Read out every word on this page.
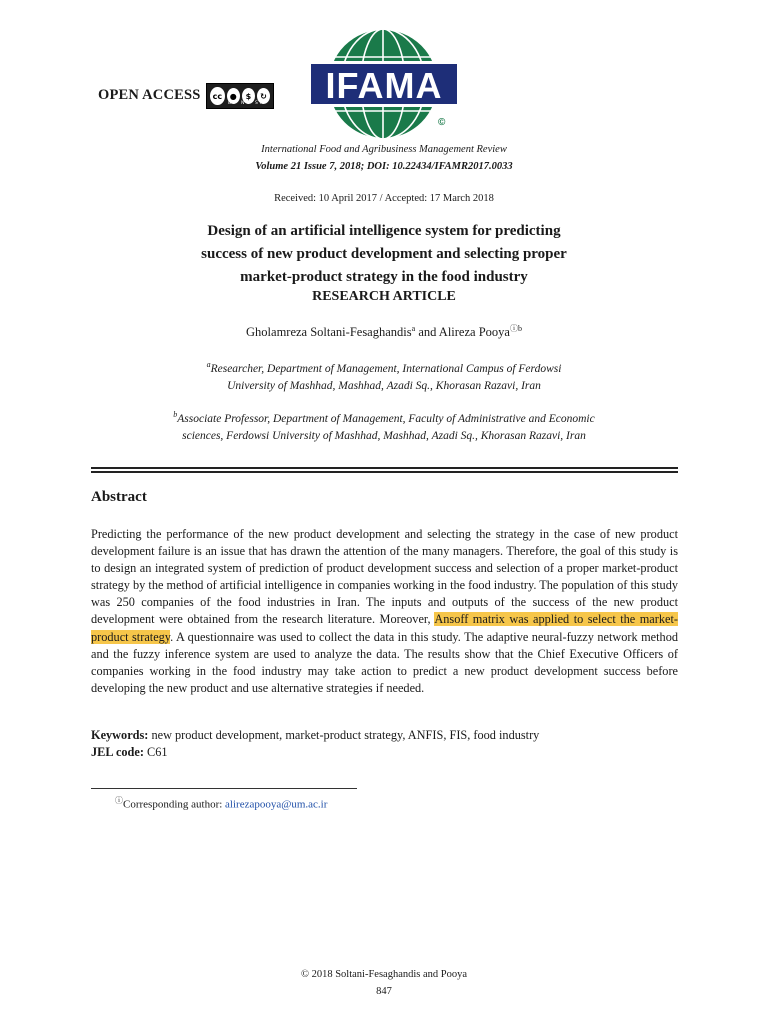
OPEN ACCESS	cc ●	$	↻
BY NC SA IFAMA
©
International Food and Agribusiness Management Review
Volume 21 Issue 7, 2018; DOI: 10.22434/IFAMR2017.0033
Received: 10 April 2017 / Accepted: 17 March 2018
Design of an artificial intelligence system for predicting
success of new product development and selecting proper
market-product strategy in the food industry
RESEARCH ARTICLE
Gholamreza Soltani-Fesaghandis$^a$ and Alireza Pooya$^{ⓘb}$
$^a$Researcher, Department of Management, International Campus of Ferdowsi
University of Mashhad, Mashhad, Azadi Sq., Khorasan Razavi, Iran
$^b$Associate Professor, Department of Management, Faculty of Administrative and Economic
sciences, Ferdowsi University of Mashhad, Mashhad, Azadi Sq., Khorasan Razavi, Iran
Abstract

Predicting the performance of the new product development and selecting the strategy in the case of new product development failure is an issue that has drawn the attention of the many managers. Therefore, the goal of this study is to design an integrated system of prediction of product development success and selection of a proper market-product strategy by the method of artificial intelligence in companies working in the food industry. The population of this study was 250 companies of the food industries in Iran. The inputs and outputs of the success of the new product development were obtained from the research literature. Moreover, Ansoff matrix was applied to select the market-product strategy. A questionnaire was used to collect the data in this study. The adaptive neural-fuzzy network method and the fuzzy inference system are used to analyze the data. The results show that the Chief Executive Officers of companies working in the food industry may take action to predict a new product development success before developing the new product and use alternative strategies if needed.

Keywords: new product development, market-product strategy, ANFIS, FIS, food industry
JEL code: C61
ⓘCorresponding author: alirezapooya@um.ac.ir
© 2018 Soltani-Fesaghandis and Pooya
847
